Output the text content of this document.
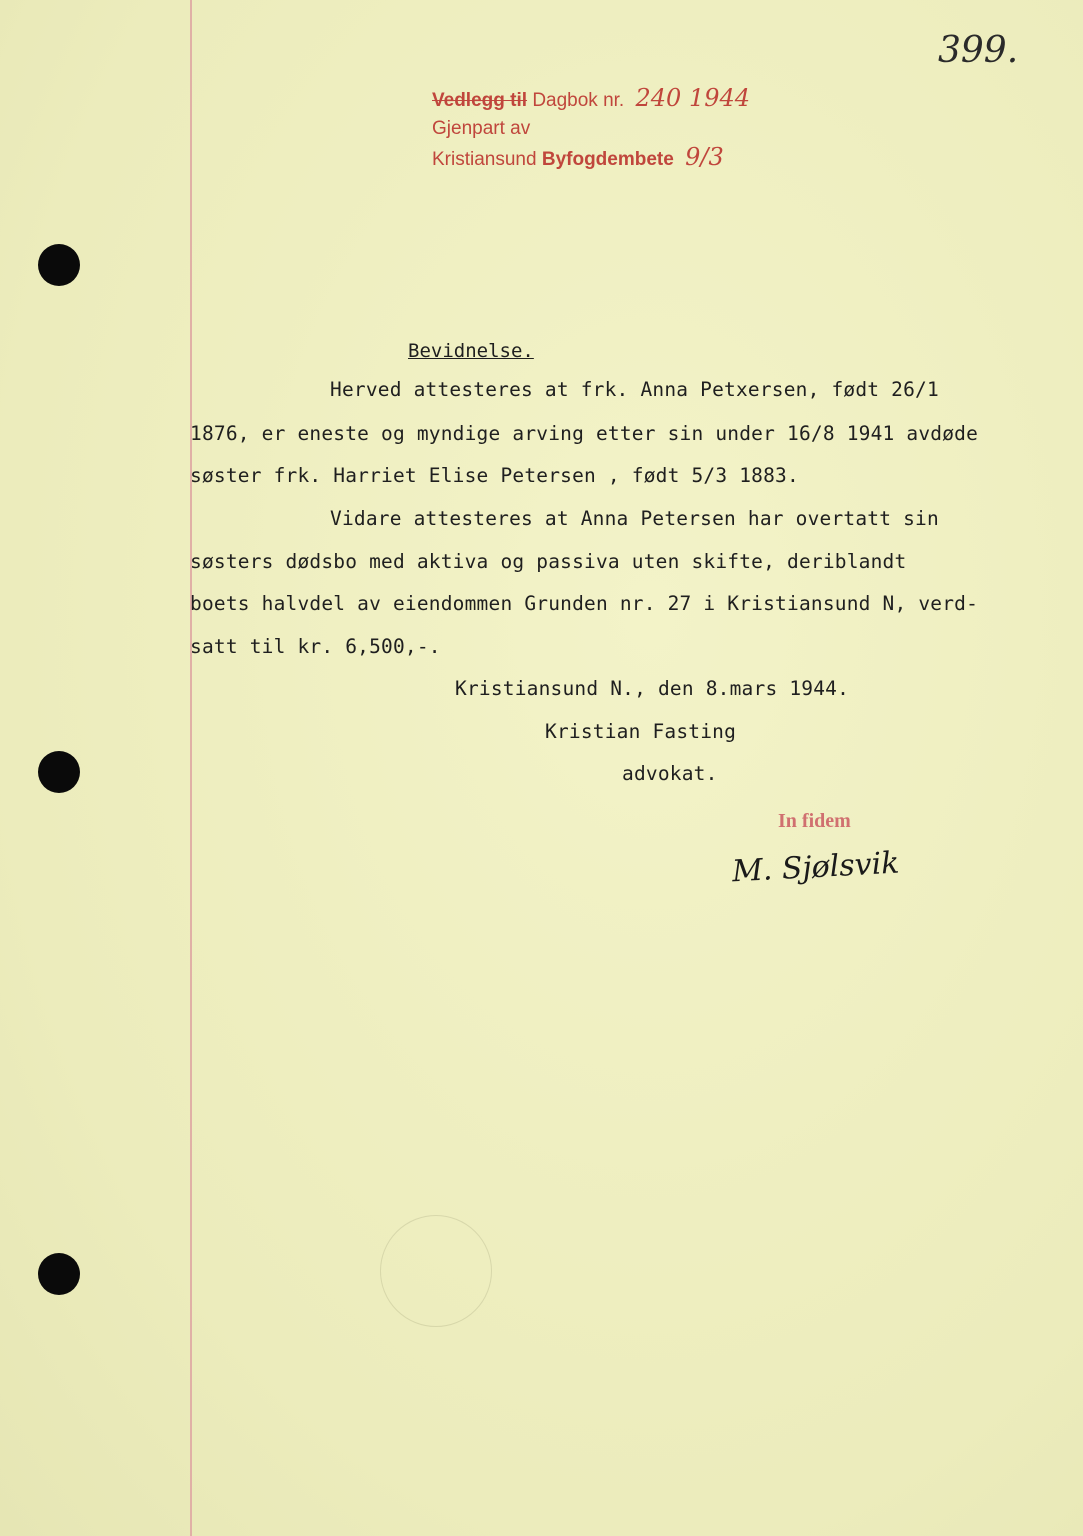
399.
Vedlegg til Dagbok nr. 240 1944
Gjenpart av
Kristiansund Byfogdembete 9/3
Bevidnelse.
Herved attesteres at frk. Anna Petxersen, født 26/1
1876, er eneste og myndige arving etter sin under 16/8 1941 avdøde
søster frk. Harriet Elise Petersen , født 5/3 1883.
Vidare attesteres at Anna Petersen har overtatt sin
søsters dødsbo med aktiva og passiva uten skifte, deriblandt
boets halvdel av eiendommen Grunden nr. 27 i Kristiansund N, verd-
satt til kr. 6,500,-.
Kristiansund N., den 8.mars 1944.
Kristian Fasting
advokat.
In fidem
M. Sjølsvik
